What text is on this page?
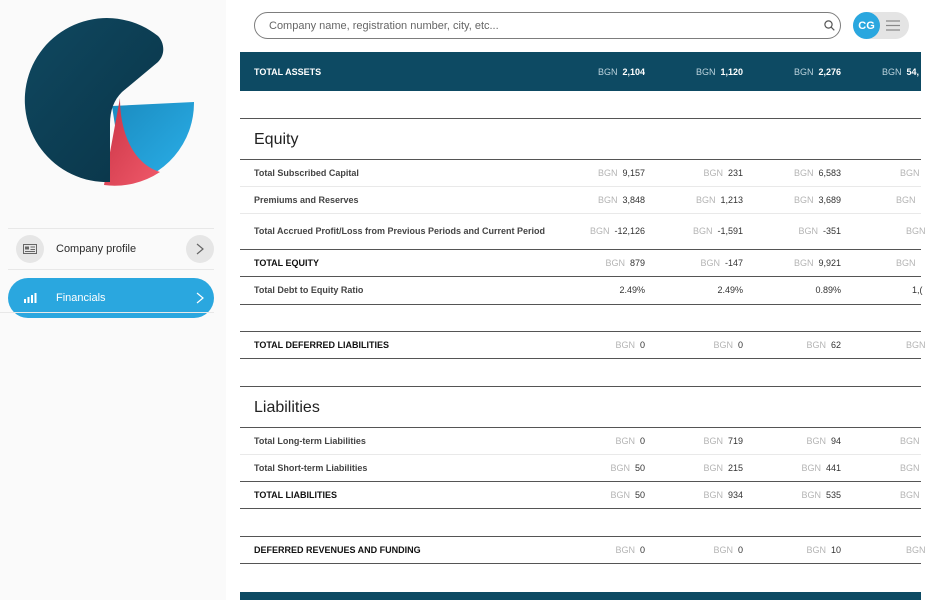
Company profile
Financials
Company name, registration number, city, etc...
CG
TOTAL ASSETS	BGN 2,104	BGN 1,120	BGN 2,276	BGN 54,
Equity
Total Subscribed Capital	BGN 9,157	BGN 231	BGN 6,583	BGN
Premiums and Reserves	BGN 3,848	BGN 1,213	BGN 3,689	BGN
Total Accrued Profit/Loss from Previous Periods and Current Period	BGN -12,126	BGN -1,591	BGN -351	BGN
TOTAL EQUITY	BGN 879	BGN -147	BGN 9,921	BGN
Total Debt to Equity Ratio	2.49%	2.49%	0.89%	1,(
TOTAL DEFERRED LIABILITIES	BGN 0	BGN 0	BGN 62	BGN
Liabilities
Total Long-term Liabilities	BGN 0	BGN 719	BGN 94	BGN
Total Short-term Liabilities	BGN 50	BGN 215	BGN 441	BGN
TOTAL LIABILITIES	BGN 50	BGN 934	BGN 535	BGN
DEFERRED REVENUES AND FUNDING	BGN 0	BGN 0	BGN 10	BGN
